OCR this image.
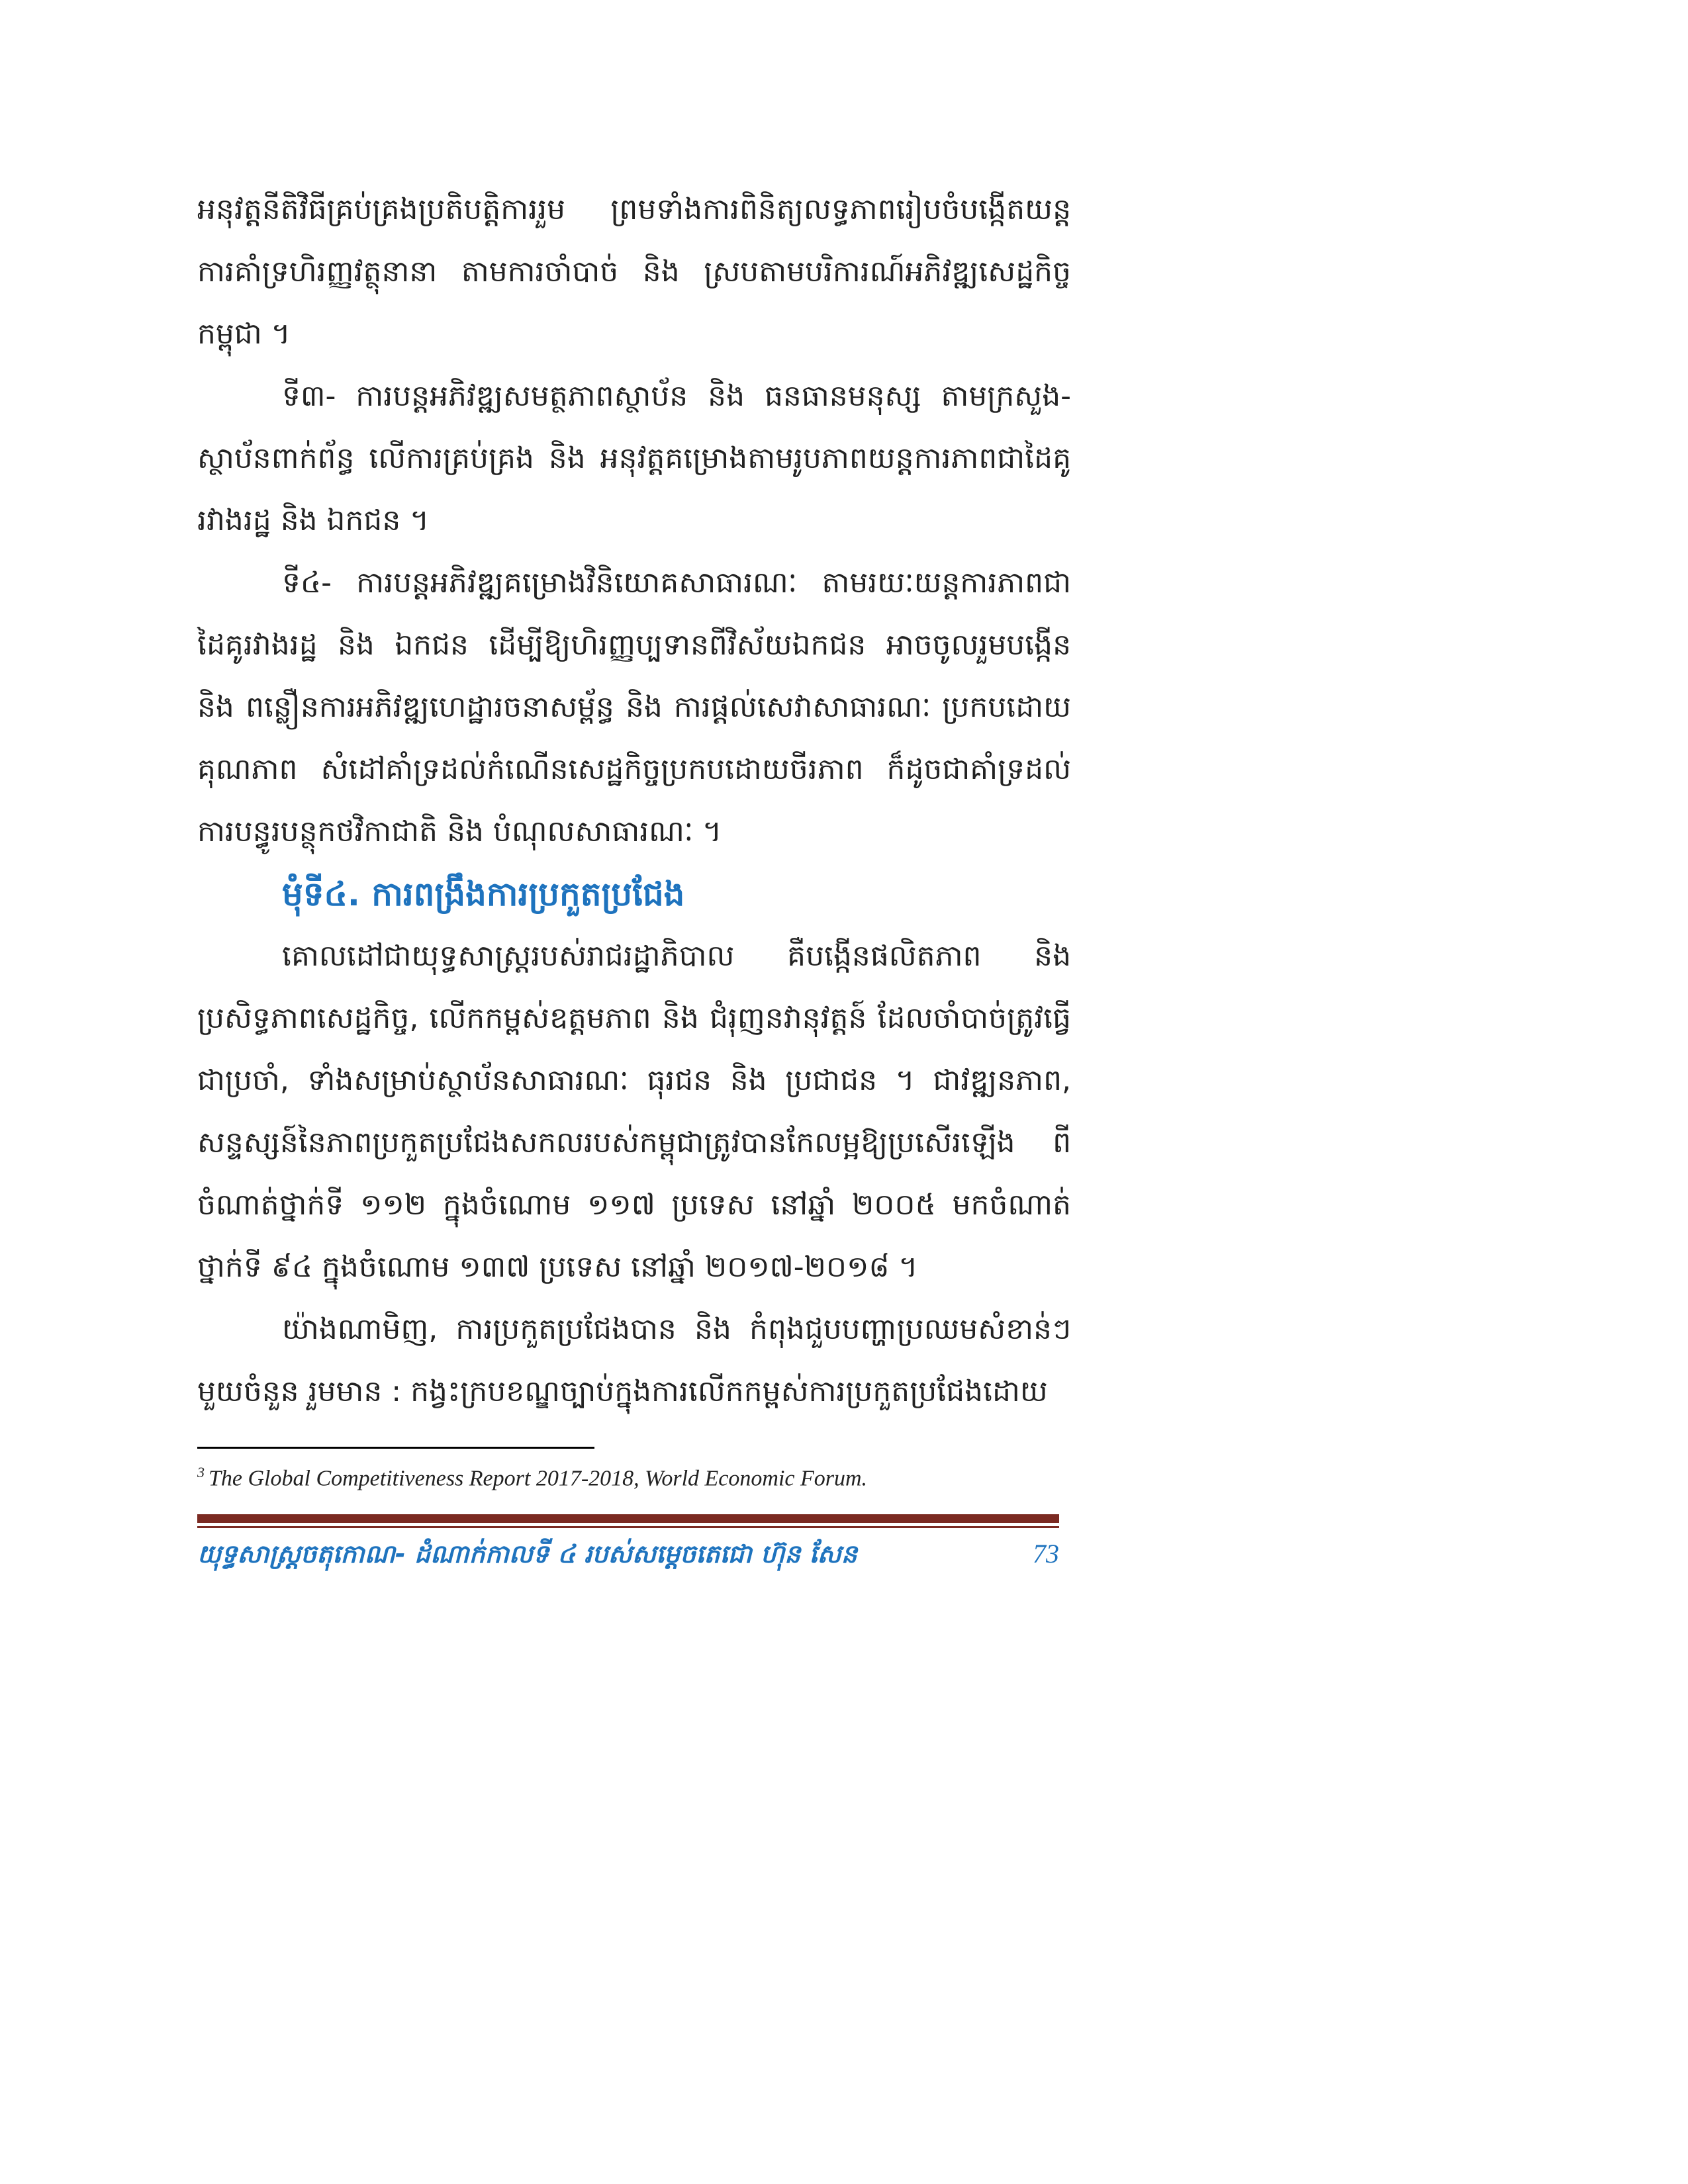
អនុវត្តនីតិវិធីគ្រប់គ្រងប្រតិបត្តិការរួម ព្រមទាំងការពិនិត្យលទ្ធភាពរៀបចំបង្កើតយន្តការគាំទ្រហិរញ្ញវត្ថុនានា តាមការចាំបាច់ និង ស្របតាមបរិការណ៍អភិវឌ្ឍសេដ្ឋកិច្ចកម្ពុជា ។

ទី៣- ការបន្តអភិវឌ្ឍសមត្ថភាពស្ថាប័ន និង ធនធានមនុស្ស តាមក្រសួង-ស្ថាប័នពាក់ព័ន្ធ លើការគ្រប់គ្រង និង អនុវត្តគម្រោងតាមរូបភាពយន្តការភាពជាដៃគូរវាងរដ្ឋ និង ឯកជន ។

ទី៤- ការបន្តអភិវឌ្ឍគម្រោងវិនិយោគសាធារណៈ តាមរយៈយន្តការភាពជាដៃគូរវាងរដ្ឋ និង ឯកជន ដើម្បីឱ្យហិរញ្ញប្បទានពីវិស័យឯកជន អាចចូលរួមបង្កើន និង ពន្លឿនការអភិវឌ្ឍហេដ្ឋារចនាសម្ព័ន្ធ និង ការផ្តល់សេវាសាធារណៈ ប្រកបដោយគុណភាព សំដៅគាំទ្រដល់កំណើនសេដ្ឋកិច្ចប្រកបដោយចីរភាព ក៏ដូចជាគាំទ្រដល់ការបន្ធូរបន្ថុកថវិកាជាតិ និង បំណុលសាធារណៈ ។

មុំទី៤. ការពង្រឹងការប្រកួតប្រជែង

គោលដៅជាយុទ្ធសាស្ត្ររបស់រាជរដ្ឋាភិបាល គឺបង្កើនផលិតភាព និងប្រសិទ្ធភាពសេដ្ឋកិច្ច, លើកកម្ពស់ឧត្តមភាព និង ជំរុញនវានុវត្តន៍ ដែលចាំបាច់ត្រូវធ្វើជាប្រចាំ, ទាំងសម្រាប់ស្ថាប័នសាធារណៈ ធុរជន និង ប្រជាជន ។ ជាវឌ្ឍនភាព, សន្ទស្សន៍នៃភាពប្រកួតប្រជែងសកលរបស់កម្ពុជាត្រូវបានកែលម្អឱ្យប្រសើរឡើង ពីចំណាត់ថ្នាក់ទី ១១២ ក្នុងចំណោម ១១៧ ប្រទេស នៅឆ្នាំ ២០០៥ មកចំណាត់ថ្នាក់ទី ៩៤ ក្នុងចំណោម ១៣៧ ប្រទេស នៅឆ្នាំ ២០១៧-២០១៨ ។

យ៉ាងណាមិញ, ការប្រកួតប្រជែងបាន និង កំពុងជួបបញ្ហាប្រឈមសំខាន់ៗមួយចំនួន រួមមាន : កង្វះក្របខណ្ឌច្បាប់ក្នុងការលើកកម្ពស់ការប្រកួតប្រជែងដោយ

$^3$ The Global Competitiveness Report 2017-2018, World Economic Forum.
យុទ្ធសាស្ត្រចតុកោណ- ដំណាក់កាលទី ៤ របស់សម្តេចតេជោ ហ៊ុន សែន	73
